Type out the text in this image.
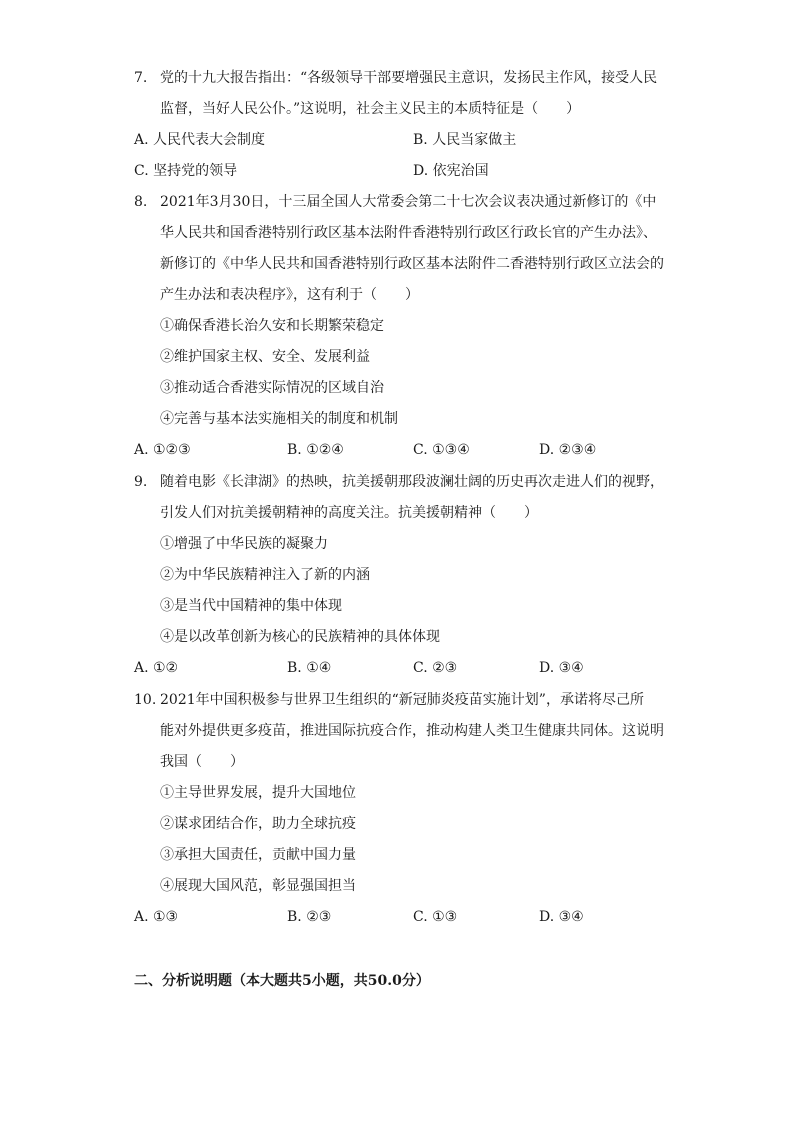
7. 党的十九大报告指出：“各级领导干部要增强民主意识，发扬民主作风，接受人民
监督，当好人民公仆。”这说明，社会主义民主的本质特征是（　　）
A. 人民代表大会制度	B. 人民当家做主
C. 坚持党的领导	D. 依宪治国
8. 2021年3月30日，十三届全国人大常委会第二十七次会议表决通过新修订的《中
华人民共和国香港特别行政区基本法附件香港特别行政区行政长官的产生办法》、
新修订的《中华人民共和国香港特别行政区基本法附件二香港特别行政区立法会的
产生办法和表决程序》，这有利于（　　）
①确保香港长治久安和长期繁荣稳定
②维护国家主权、安全、发展利益
③推动适合香港实际情况的区域自治
④完善与基本法实施相关的制度和机制
A. ①②③	B. ①②④	C. ①③④	D. ②③④
9. 随着电影《长津湖》的热映，抗美援朝那段波澜壮阔的历史再次走进人们的视野，
引发人们对抗美援朝精神的高度关注。抗美援朝精神（　　）
①增强了中华民族的凝聚力
②为中华民族精神注入了新的内涵
③是当代中国精神的集中体现
④是以改革创新为核心的民族精神的具体体现
A. ①②	B. ①④	C. ②③	D. ③④
10. 2021年中国积极参与世界卫生组织的“新冠肺炎疫苗实施计划”，承诺将尽己所
能对外提供更多疫苗，推进国际抗疫合作，推动构建人类卫生健康共同体。这说明
我国（　　）
①主导世界发展，提升大国地位
②谋求团结合作，助力全球抗疫
③承担大国责任，贡献中国力量
④展现大国风范，彰显强国担当
A. ①③	B. ②③	C. ①③	D. ③④
二、分析说明题（本大题共5小题，共50.0分）
